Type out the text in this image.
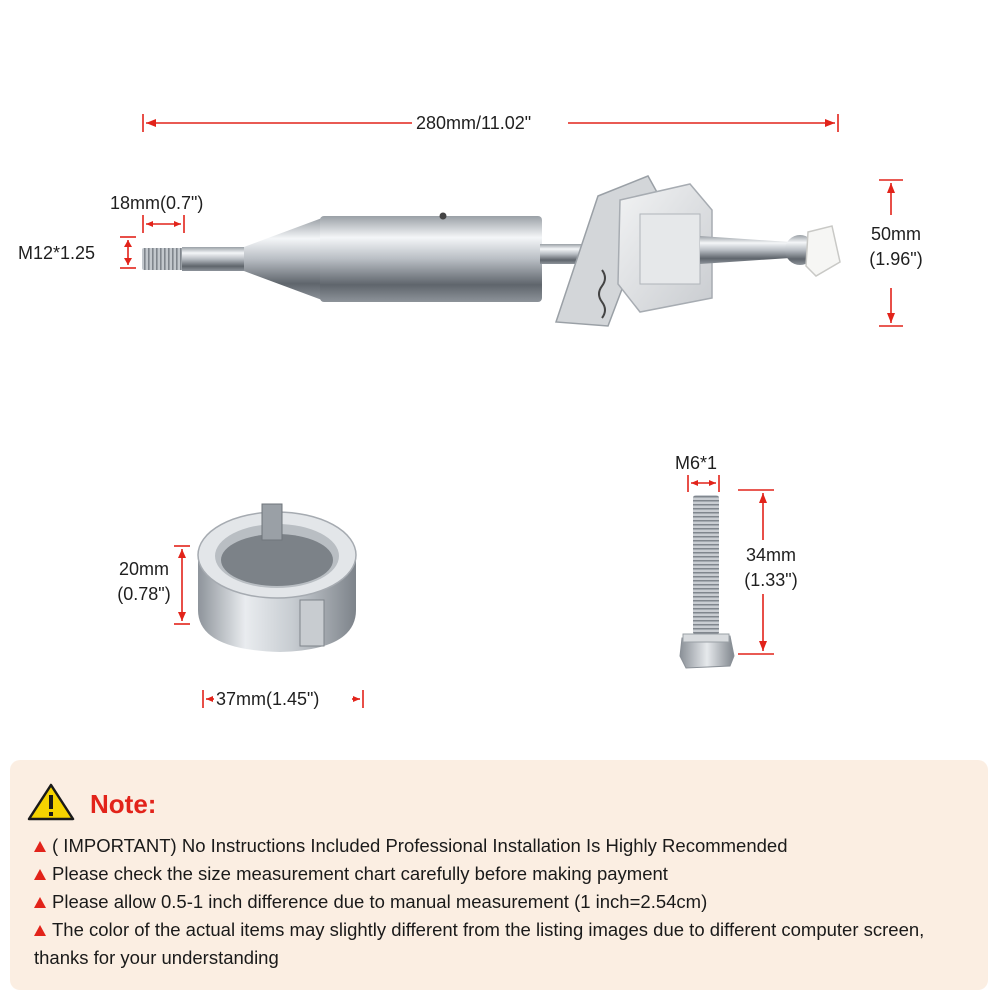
280mm/11.02"
18mm(0.7")
M12*1.25
50mm
(1.96")
M6*1
34mm
(1.33")
20mm
(0.78")
37mm(1.45")
Note:
( IMPORTANT) No Instructions Included Professional Installation Is Highly Recommended
Please check the size measurement chart carefully before making payment
Please allow 0.5-1 inch difference due to manual measurement (1 inch=2.54cm)
The color of the actual items may slightly different from the listing images due to different computer screen, thanks for your understanding
